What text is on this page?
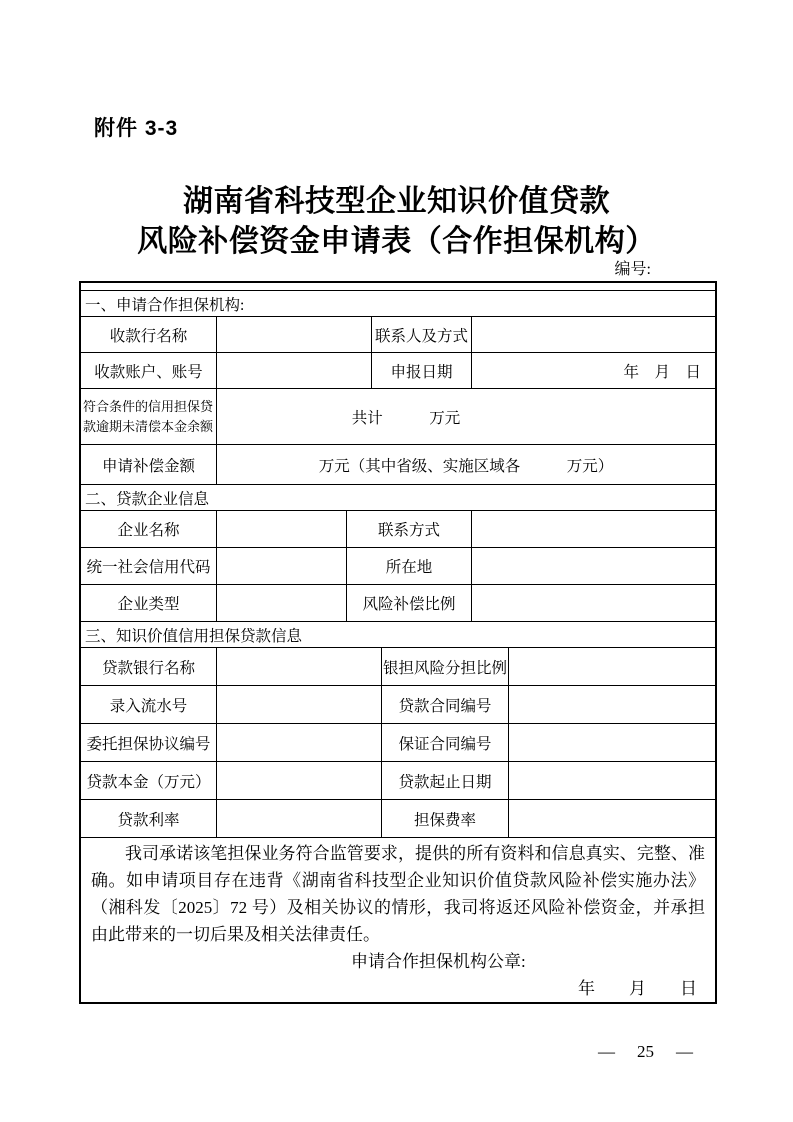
附件 3-3
湖南省科技型企业知识价值贷款
风险补偿资金申请表（合作担保机构）
编号:
一、申请合作担保机构:
收款行名称	联系人及方式
收款账户、账号	申报日期	年　月　日
符合条件的信用担保贷款逾期未清偿本金余额	共计　　　万元
申请补偿金额	万元（其中省级、实施区域各　　　万元）
二、贷款企业信息
企业名称	联系方式
统一社会信用代码	所在地
企业类型	风险补偿比例
三、知识价值信用担保贷款信息
贷款银行名称	银担风险分担比例
录入流水号	贷款合同编号
委托担保协议编号	保证合同编号
贷款本金（万元）	贷款起止日期
贷款利率	担保费率

我司承诺该笔担保业务符合监管要求，提供的所有资料和信息真实、完整、准确。如申请项目存在违背《湖南省科技型企业知识价值贷款风险补偿实施办法》（湘科发〔2025〕72 号）及相关协议的情形，我司将返还风险补偿资金，并承担由此带来的一切后果及相关法律责任。

申请合作担保机构公章:
年　　月　　日
— 25 —
